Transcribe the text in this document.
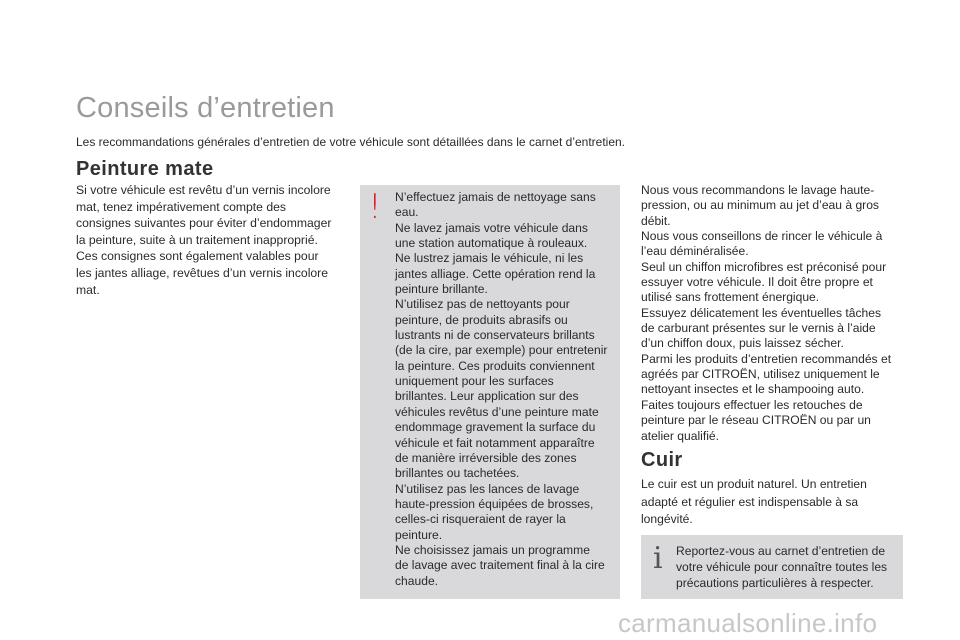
Conseils d’entretien
Les recommandations générales d’entretien de votre véhicule sont détaillées dans le carnet d’entretien.
Peinture mate
Si votre véhicule est revêtu d’un vernis incolore
mat, tenez impérativement compte des
consignes suivantes pour éviter d’endommager
la peinture, suite à un traitement inapproprié.
Ces consignes sont également valables pour
les jantes alliage, revêtues d’un vernis incolore
mat.
!	N’effectuez jamais de nettoyage sans
eau.
Ne lavez jamais votre véhicule dans
une station automatique à rouleaux.
Ne lustrez jamais le véhicule, ni les
jantes alliage. Cette opération rend la
peinture brillante.
N’utilisez pas de nettoyants pour
peinture, de produits abrasifs ou
lustrants ni de conservateurs brillants
(de la cire, par exemple) pour entretenir
la peinture. Ces produits conviennent
uniquement pour les surfaces
brillantes. Leur application sur des
véhicules revêtus d’une peinture mate
endommage gravement la surface du
véhicule et fait notamment apparaître
de manière irréversible des zones
brillantes ou tachetées.
N’utilisez pas les lances de lavage
haute-pression équipées de brosses,
celles-ci risqueraient de rayer la
peinture.
Ne choisissez jamais un programme
de lavage avec traitement final à la cire
chaude.
Nous vous recommandons le lavage haute-
pression, ou au minimum au jet d’eau à gros
débit.
Nous vous conseillons de rincer le véhicule à
l’eau déminéralisée.
Seul un chiffon microfibres est préconisé pour
essuyer votre véhicule. Il doit être propre et
utilisé sans frottement énergique.
Essuyez délicatement les éventuelles tâches
de carburant présentes sur le vernis à l’aide
d’un chiffon doux, puis laissez sécher.
Parmi les produits d’entretien recommandés et
agréés par CITROËN, utilisez uniquement le
nettoyant insectes et le shampooing auto.
Faites toujours effectuer les retouches de
peinture par le réseau CITROËN ou par un
atelier qualifié.
Cuir
Le cuir est un produit naturel. Un entretien
adapté et régulier est indispensable à sa
longévité.
i Reportez-vous au carnet d’entretien de
votre véhicule pour connaître toutes les
précautions particulières à respecter.
carmanualsonline.info
